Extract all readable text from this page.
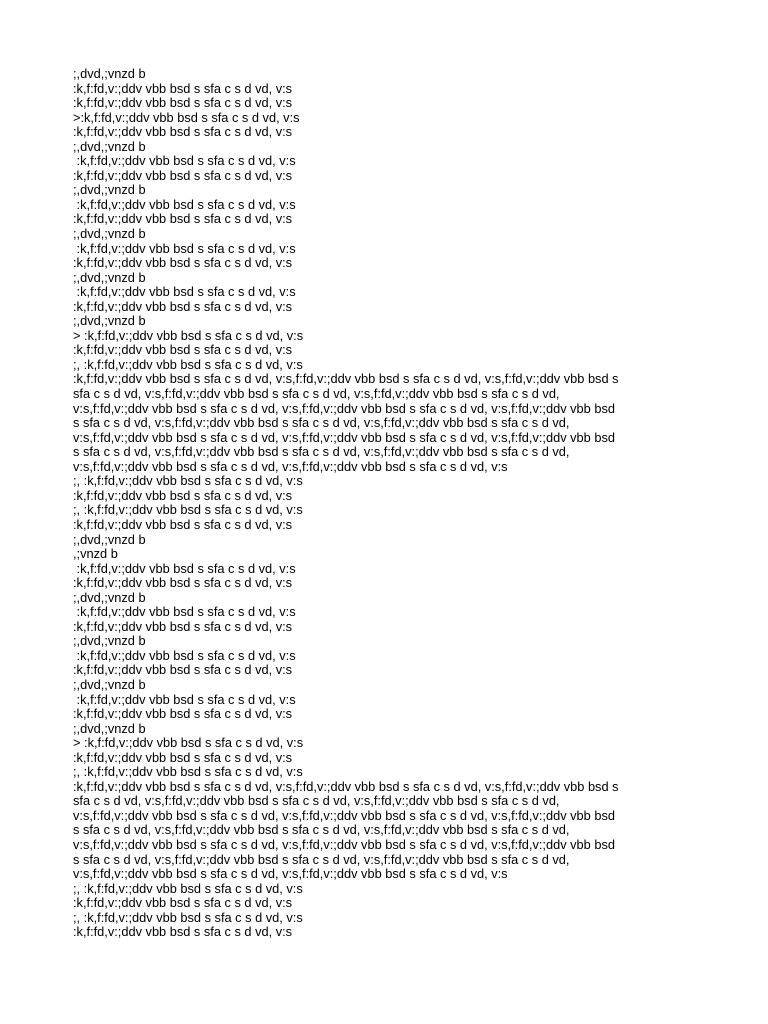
;,dvd,;vnzd b
:k,f:fd,v:;ddv vbb bsd s sfa c s d vd, v:s
:k,f:fd,v:;ddv vbb bsd s sfa c s d vd, v:s
>:k,f:fd,v:;ddv vbb bsd s sfa c s d vd, v:s
:k,f:fd,v:;ddv vbb bsd s sfa c s d vd, v:s
;,dvd,;vnzd b
:k,f:fd,v:;ddv vbb bsd s sfa c s d vd, v:s
:k,f:fd,v:;ddv vbb bsd s sfa c s d vd, v:s
;,dvd,;vnzd b
:k,f:fd,v:;ddv vbb bsd s sfa c s d vd, v:s
:k,f:fd,v:;ddv vbb bsd s sfa c s d vd, v:s
;,dvd,;vnzd b
:k,f:fd,v:;ddv vbb bsd s sfa c s d vd, v:s
:k,f:fd,v:;ddv vbb bsd s sfa c s d vd, v:s
;,dvd,;vnzd b
:k,f:fd,v:;ddv vbb bsd s sfa c s d vd, v:s
:k,f:fd,v:;ddv vbb bsd s sfa c s d vd, v:s
;,dvd,;vnzd b
> :k,f:fd,v:;ddv vbb bsd s sfa c s d vd, v:s
:k,f:fd,v:;ddv vbb bsd s sfa c s d vd, v:s
;, :k,f:fd,v:;ddv vbb bsd s sfa c s d vd, v:s
:k,f:fd,v:;ddv vbb bsd s sfa c s d vd, v:s,f:fd,v:;ddv vbb bsd s sfa c s d vd, v:s,f:fd,v:;ddv vbb bsd s
sfa c s d vd, v:s,f:fd,v:;ddv vbb bsd s sfa c s d vd, v:s,f:fd,v:;ddv vbb bsd s sfa c s d vd,
v:s,f:fd,v:;ddv vbb bsd s sfa c s d vd, v:s,f:fd,v:;ddv vbb bsd s sfa c s d vd, v:s,f:fd,v:;ddv vbb bsd
s sfa c s d vd, v:s,f:fd,v:;ddv vbb bsd s sfa c s d vd, v:s,f:fd,v:;ddv vbb bsd s sfa c s d vd,
v:s,f:fd,v:;ddv vbb bsd s sfa c s d vd, v:s,f:fd,v:;ddv vbb bsd s sfa c s d vd, v:s,f:fd,v:;ddv vbb bsd
s sfa c s d vd, v:s,f:fd,v:;ddv vbb bsd s sfa c s d vd, v:s,f:fd,v:;ddv vbb bsd s sfa c s d vd,
v:s,f:fd,v:;ddv vbb bsd s sfa c s d vd, v:s,f:fd,v:;ddv vbb bsd s sfa c s d vd, v:s
;, :k,f:fd,v:;ddv vbb bsd s sfa c s d vd, v:s
:k,f:fd,v:;ddv vbb bsd s sfa c s d vd, v:s
;, :k,f:fd,v:;ddv vbb bsd s sfa c s d vd, v:s
:k,f:fd,v:;ddv vbb bsd s sfa c s d vd, v:s
;,dvd,;vnzd b
,;vnzd b
:k,f:fd,v:;ddv vbb bsd s sfa c s d vd, v:s
:k,f:fd,v:;ddv vbb bsd s sfa c s d vd, v:s
;,dvd,;vnzd b
:k,f:fd,v:;ddv vbb bsd s sfa c s d vd, v:s
:k,f:fd,v:;ddv vbb bsd s sfa c s d vd, v:s
;,dvd,;vnzd b
:k,f:fd,v:;ddv vbb bsd s sfa c s d vd, v:s
:k,f:fd,v:;ddv vbb bsd s sfa c s d vd, v:s
;,dvd,;vnzd b
:k,f:fd,v:;ddv vbb bsd s sfa c s d vd, v:s
:k,f:fd,v:;ddv vbb bsd s sfa c s d vd, v:s
;,dvd,;vnzd b
> :k,f:fd,v:;ddv vbb bsd s sfa c s d vd, v:s
:k,f:fd,v:;ddv vbb bsd s sfa c s d vd, v:s
;, :k,f:fd,v:;ddv vbb bsd s sfa c s d vd, v:s
:k,f:fd,v:;ddv vbb bsd s sfa c s d vd, v:s,f:fd,v:;ddv vbb bsd s sfa c s d vd, v:s,f:fd,v:;ddv vbb bsd s
sfa c s d vd, v:s,f:fd,v:;ddv vbb bsd s sfa c s d vd, v:s,f:fd,v:;ddv vbb bsd s sfa c s d vd,
v:s,f:fd,v:;ddv vbb bsd s sfa c s d vd, v:s,f:fd,v:;ddv vbb bsd s sfa c s d vd, v:s,f:fd,v:;ddv vbb bsd
s sfa c s d vd, v:s,f:fd,v:;ddv vbb bsd s sfa c s d vd, v:s,f:fd,v:;ddv vbb bsd s sfa c s d vd,
v:s,f:fd,v:;ddv vbb bsd s sfa c s d vd, v:s,f:fd,v:;ddv vbb bsd s sfa c s d vd, v:s,f:fd,v:;ddv vbb bsd
s sfa c s d vd, v:s,f:fd,v:;ddv vbb bsd s sfa c s d vd, v:s,f:fd,v:;ddv vbb bsd s sfa c s d vd,
v:s,f:fd,v:;ddv vbb bsd s sfa c s d vd, v:s,f:fd,v:;ddv vbb bsd s sfa c s d vd, v:s
;, :k,f:fd,v:;ddv vbb bsd s sfa c s d vd, v:s
:k,f:fd,v:;ddv vbb bsd s sfa c s d vd, v:s
;, :k,f:fd,v:;ddv vbb bsd s sfa c s d vd, v:s
:k,f:fd,v:;ddv vbb bsd s sfa c s d vd, v:s
